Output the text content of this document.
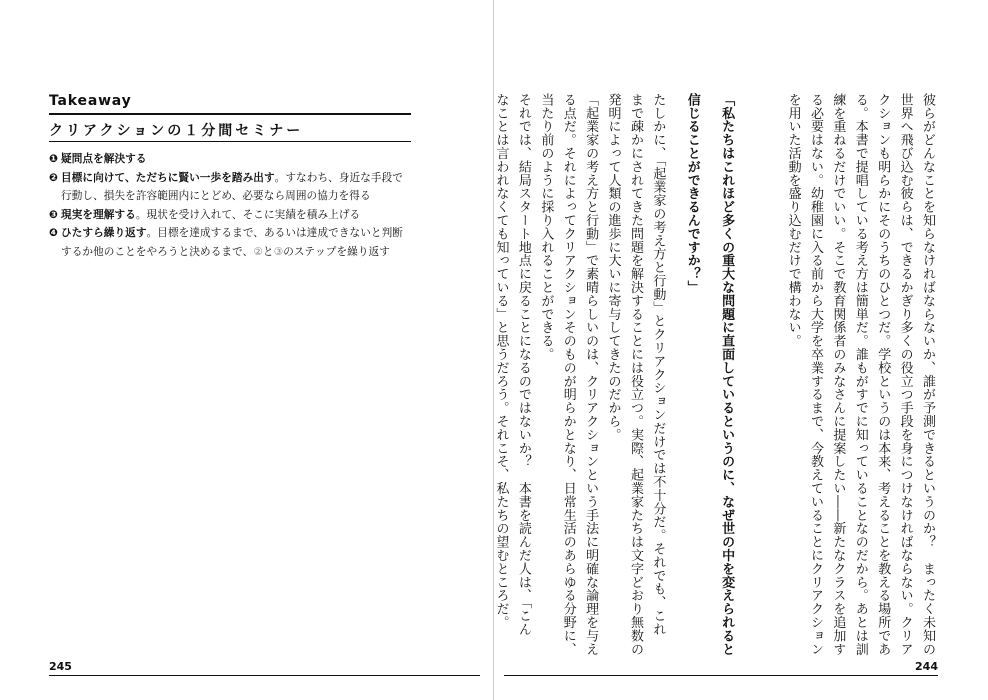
Takeaway
クリアクションの１分間セミナー
❶ 疑問点を解決する
❷ 目標に向けて、ただちに賢い一歩を踏み出す。すなわち、身近な手段で
行動し、損失を許容範囲内にとどめ、必要なら周囲の協力を得る
❸ 現実を理解する。現状を受け入れて、そこに実績を積み上げる
❹ ひたすら繰り返す。目標を達成するまで、あるいは達成できないと判断
するか他のことをやろうと決めるまで、②と③のステップを繰り返す
245

彼らがどんなことを知らなければならないか、誰が予測できるというのか？　まったく未知の

世界へ飛び込む彼らは、できるかぎり多くの役立つ手段を身につけなければならない。クリア

クションも明らかにそのうちのひとつだ。学校というのは本来、考えることを教える場所であ

る。本書で提唱している考え方は簡単だ。誰もがすでに知っていることなのだから。あとは訓

練を重ねるだけでいい。そこで教育関係者のみなさんに提案したい――新たなクラスを追加す

る必要はない。幼稚園に入る前から大学を卒業するまで、今教えていることにクリアクション

を用いた活動を盛り込むだけで構わない。

「私たちはこれほど多くの重大な問題に直面しているというのに、なぜ世の中を変えられると

信じることができるんですか？」

たしかに、「起業家の考え方と行動」とクリアクションだけでは不十分だ。それでも、これ

まで疎かにされてきた問題を解決することには役立つ。実際、起業家たちは文字どおり無数の

発明によって人類の進歩に大いに寄与してきたのだから。

「起業家の考え方と行動」で素晴らしいのは、クリアクションという手法に明確な論理を与え

る点だ。それによってクリアクションそのものが明らかとなり、日常生活のあらゆる分野に、

当たり前のように採り入れることができる。

それでは、結局スタート地点に戻ることになるのではないか？　本書を読んだ人は、「こん

なことは言われなくても知っている」と思うだろう。それこそ、私たちの望むところだ。

244
